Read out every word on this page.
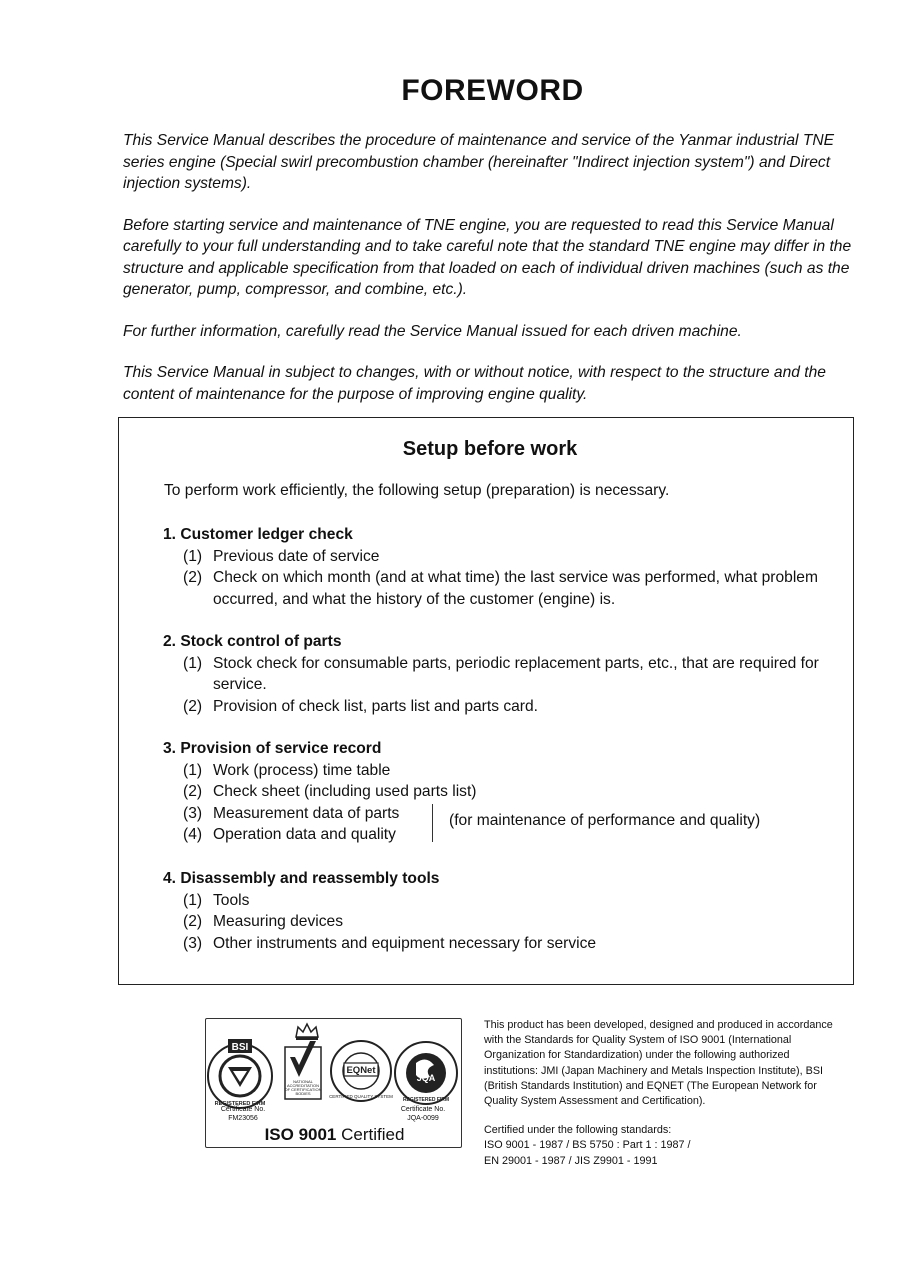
FOREWORD

This Service Manual describes the procedure of maintenance and service of the Yanmar industrial TNE series engine (Special swirl precombustion chamber (hereinafter "Indirect injection system") and Direct injection systems).

Before starting service and maintenance of TNE engine, you are requested to read this Service Manual carefully to your full understanding and to take careful note that the standard TNE engine may differ in the structure and applicable specification from that loaded on each of individual driven machines (such as the generator, pump, compressor, and combine, etc.).

For further information, carefully read the Service Manual issued for each driven machine.

This Service Manual in subject to changes, with or without notice, with respect to the structure and the content of maintenance for the purpose of improving engine quality.

Setup before work
To perform work efficiently, the following setup (preparation) is necessary.
1. Customer ledger check
(1) Previous date of service
(2) Check on which month (and at what time) the last service was performed, what problem occurred, and what the history of the customer (engine) is.
2. Stock control of parts
(1) Stock check for consumable parts, periodic replacement parts, etc., that are required for service.
(2) Provision of check list, parts list and parts card.
3. Provision of service record
(1) Work (process) time table
(2) Check sheet (including used parts list)
(3) Measurement data of parts
(4) Operation data and quality
(for maintenance of performance and quality)
4. Disassembly and reassembly tools
(1) Tools
(2) Measuring devices
(3) Other instruments and equipment necessary for service
BSI
REGISTERED FIRM
NATIONAL
ACCREDITATION
OF CERTIFICATION
BODIES
EQNet
CERTIFIED QUALITY SYSTEM
JQA
REGISTERED FIRM
Certificate No.
FM23056
Certificate No.
JQA-0099
ISO 9001 Certified

This product has been developed, designed and produced in accordance with the Standards for Quality System of ISO 9001 (International Organization for Standardization) under the following authorized institutions: JMI (Japan Machinery and Metals Inspection Institute), BSI (British Standards Institution) and EQNET (The European Network for Quality System Assessment and Certification).

Certified under the following standards:
ISO 9001 - 1987 / BS 5750 : Part 1 : 1987 /
EN 29001 - 1987 / JIS Z9901 - 1991
